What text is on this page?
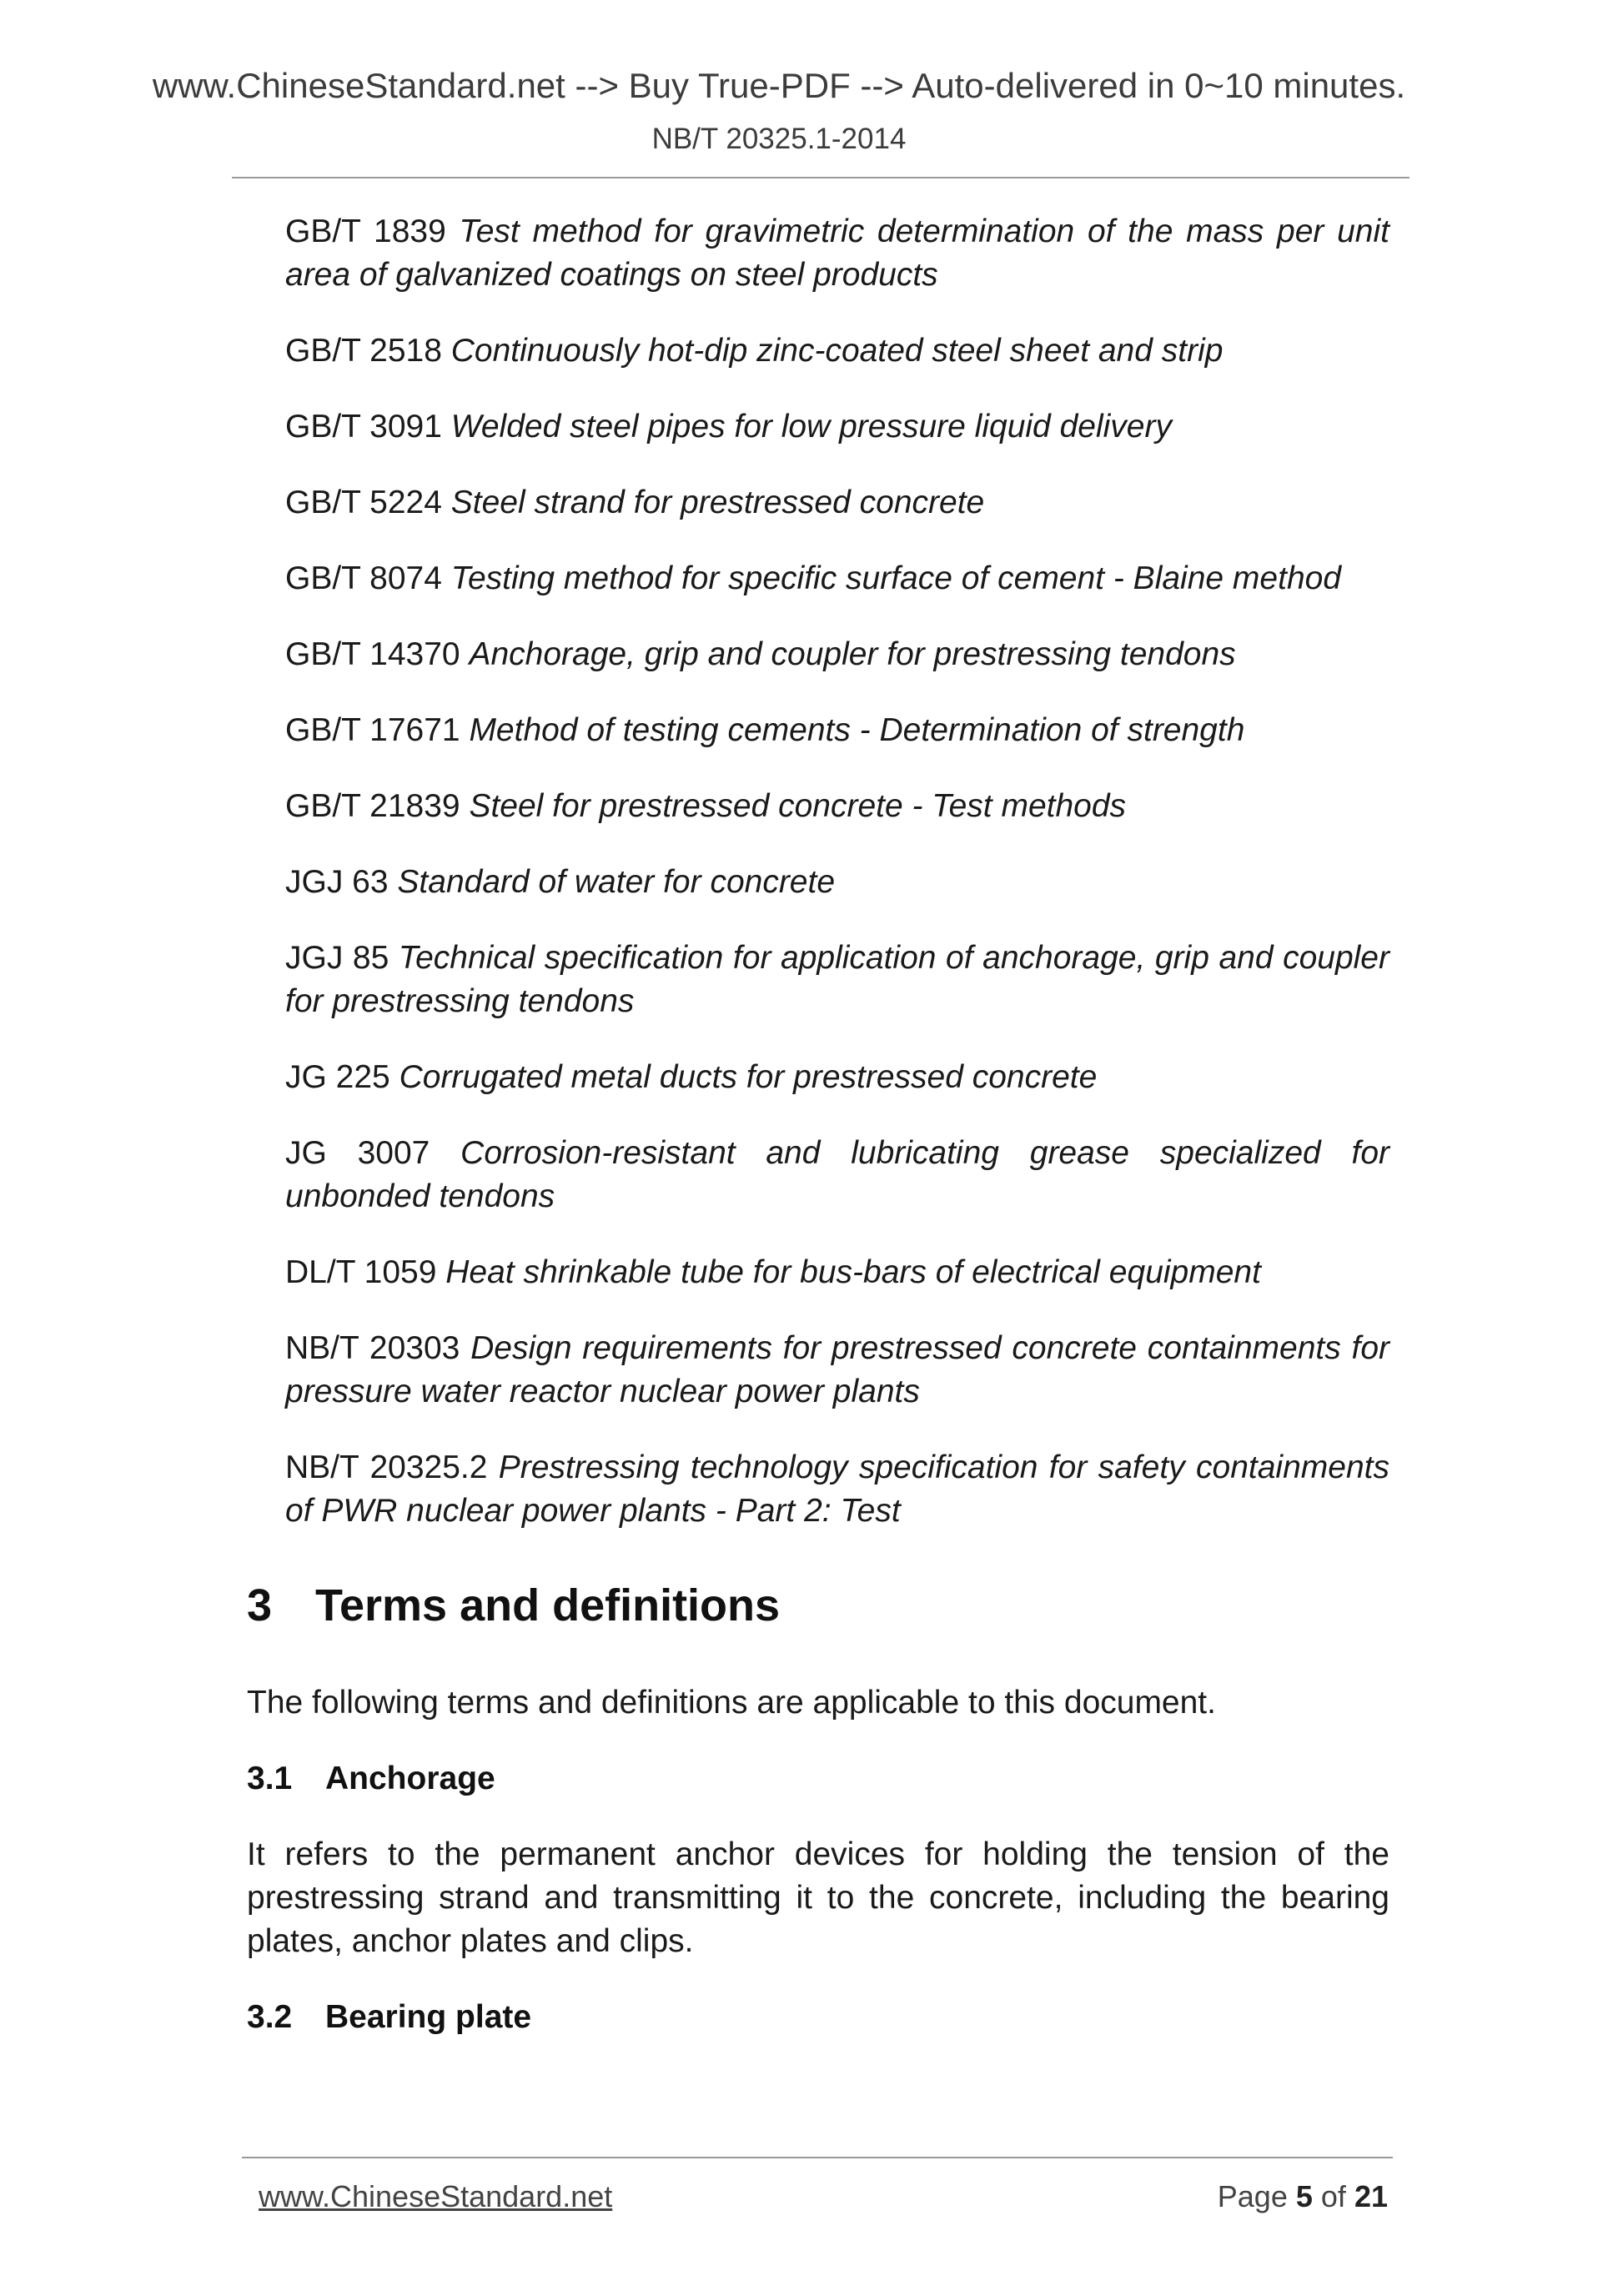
www.ChineseStandard.net --> Buy True-PDF --> Auto-delivered in 0~10 minutes.
NB/T 20325.1-2014
GB/T 1839 Test method for gravimetric determination of the mass per unit area of galvanized coatings on steel products
GB/T 2518 Continuously hot-dip zinc-coated steel sheet and strip
GB/T 3091 Welded steel pipes for low pressure liquid delivery
GB/T 5224 Steel strand for prestressed concrete
GB/T 8074 Testing method for specific surface of cement - Blaine method
GB/T 14370 Anchorage, grip and coupler for prestressing tendons
GB/T 17671 Method of testing cements - Determination of strength
GB/T 21839 Steel for prestressed concrete - Test methods
JGJ 63 Standard of water for concrete
JGJ 85 Technical specification for application of anchorage, grip and coupler for prestressing tendons
JG 225 Corrugated metal ducts for prestressed concrete
JG 3007 Corrosion-resistant and lubricating grease specialized for unbonded tendons
DL/T 1059 Heat shrinkable tube for bus-bars of electrical equipment
NB/T 20303 Design requirements for prestressed concrete containments for pressure water reactor nuclear power plants
NB/T 20325.2 Prestressing technology specification for safety containments of PWR nuclear power plants - Part 2: Test
3 Terms and definitions

The following terms and definitions are applicable to this document.

3.1 Anchorage

It refers to the permanent anchor devices for holding the tension of the prestressing strand and transmitting it to the concrete, including the bearing plates, anchor plates and clips.

3.2 Bearing plate
www.ChineseStandard.net	Page 5 of 21
